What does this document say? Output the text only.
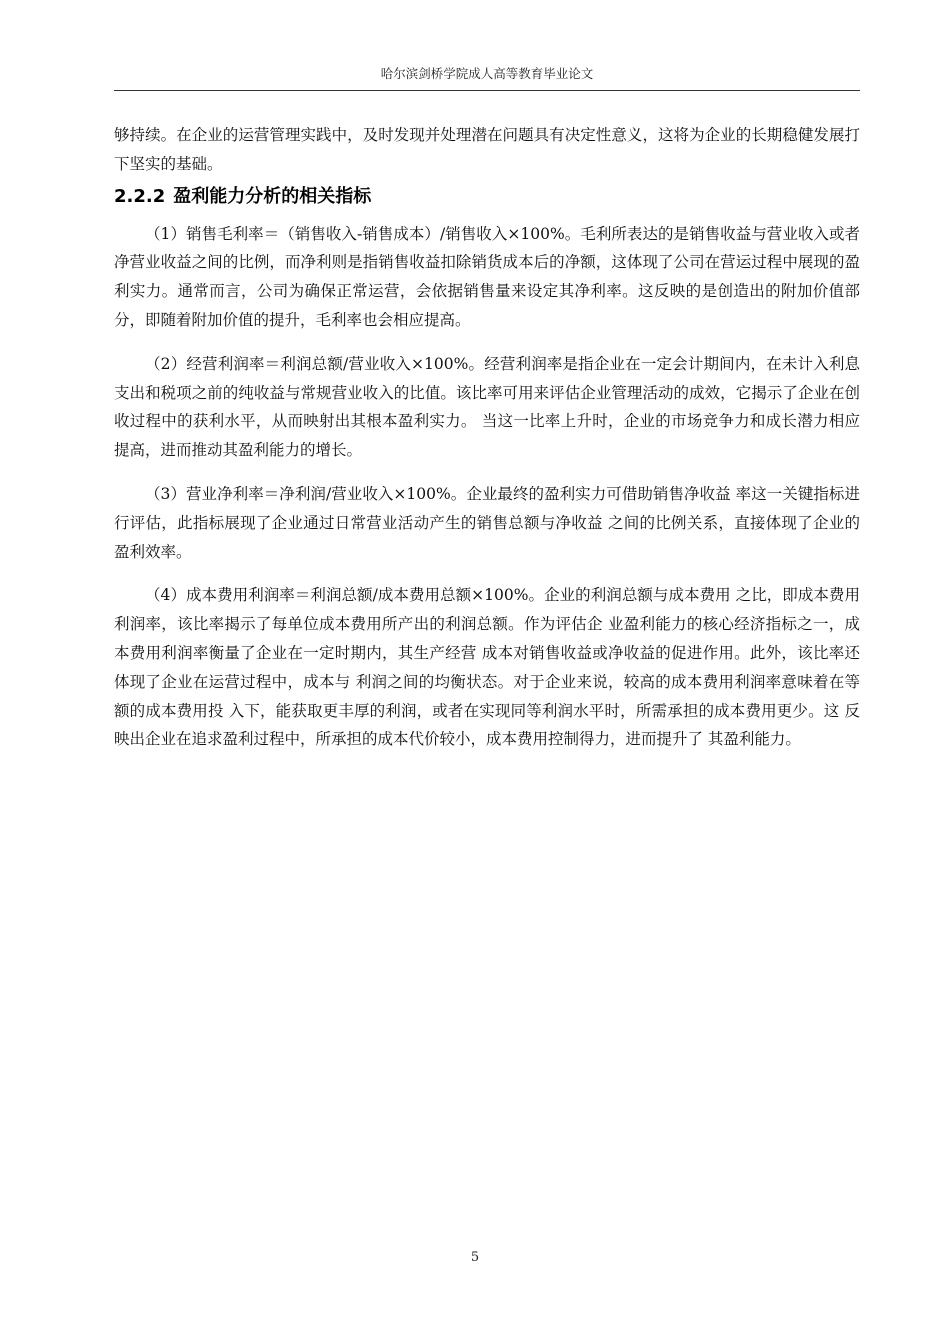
哈尔滨剑桥学院成人高等教育毕业论文

够持续。在企业的运营管理实践中，及时发现并处理潜在问题具有决定性意义，这将为企业的长期稳健发展打下坚实的基础。

2.2.2 盈利能力分析的相关指标

（1）销售毛利率＝（销售收入-销售成本）/销售收入×100%。毛利所表达的是销售收益与营业收入或者净营业收益之间的比例，而净利则是指销售收益扣除销货成本后的净额，这体现了公司在营运过程中展现的盈利实力。通常而言，公司为确保正常运营，会依据销售量来设定其净利率。这反映的是创造出的附加价值部分，即随着附加价值的提升，毛利率也会相应提高。

（2）经营利润率＝利润总额/营业收入×100%。经营利润率是指企业在一定会计期间内，在未计入利息支出和税项之前的纯收益与常规营业收入的比值。该比率可用来评估企业管理活动的成效，它揭示了企业在创收过程中的获利水平，从而映射出其根本盈利实力。 当这一比率上升时，企业的市场竞争力和成长潜力相应提高，进而推动其盈利能力的增长。

（3）营业净利率＝净利润/营业收入×100%。企业最终的盈利实力可借助销售净收益 率这一关键指标进行评估，此指标展现了企业通过日常营业活动产生的销售总额与净收益 之间的比例关系，直接体现了企业的盈利效率。

（4）成本费用利润率＝利润总额/成本费用总额×100%。企业的利润总额与成本费用 之比，即成本费用利润率，该比率揭示了每单位成本费用所产出的利润总额。作为评估企 业盈利能力的核心经济指标之一，成本费用利润率衡量了企业在一定时期内，其生产经营 成本对销售收益或净收益的促进作用。此外，该比率还体现了企业在运营过程中，成本与 利润之间的均衡状态。对于企业来说，较高的成本费用利润率意味着在等额的成本费用投 入下，能获取更丰厚的利润，或者在实现同等利润水平时，所需承担的成本费用更少。这 反映出企业在追求盈利过程中，所承担的成本代价较小，成本费用控制得力，进而提升了 其盈利能力。

5
